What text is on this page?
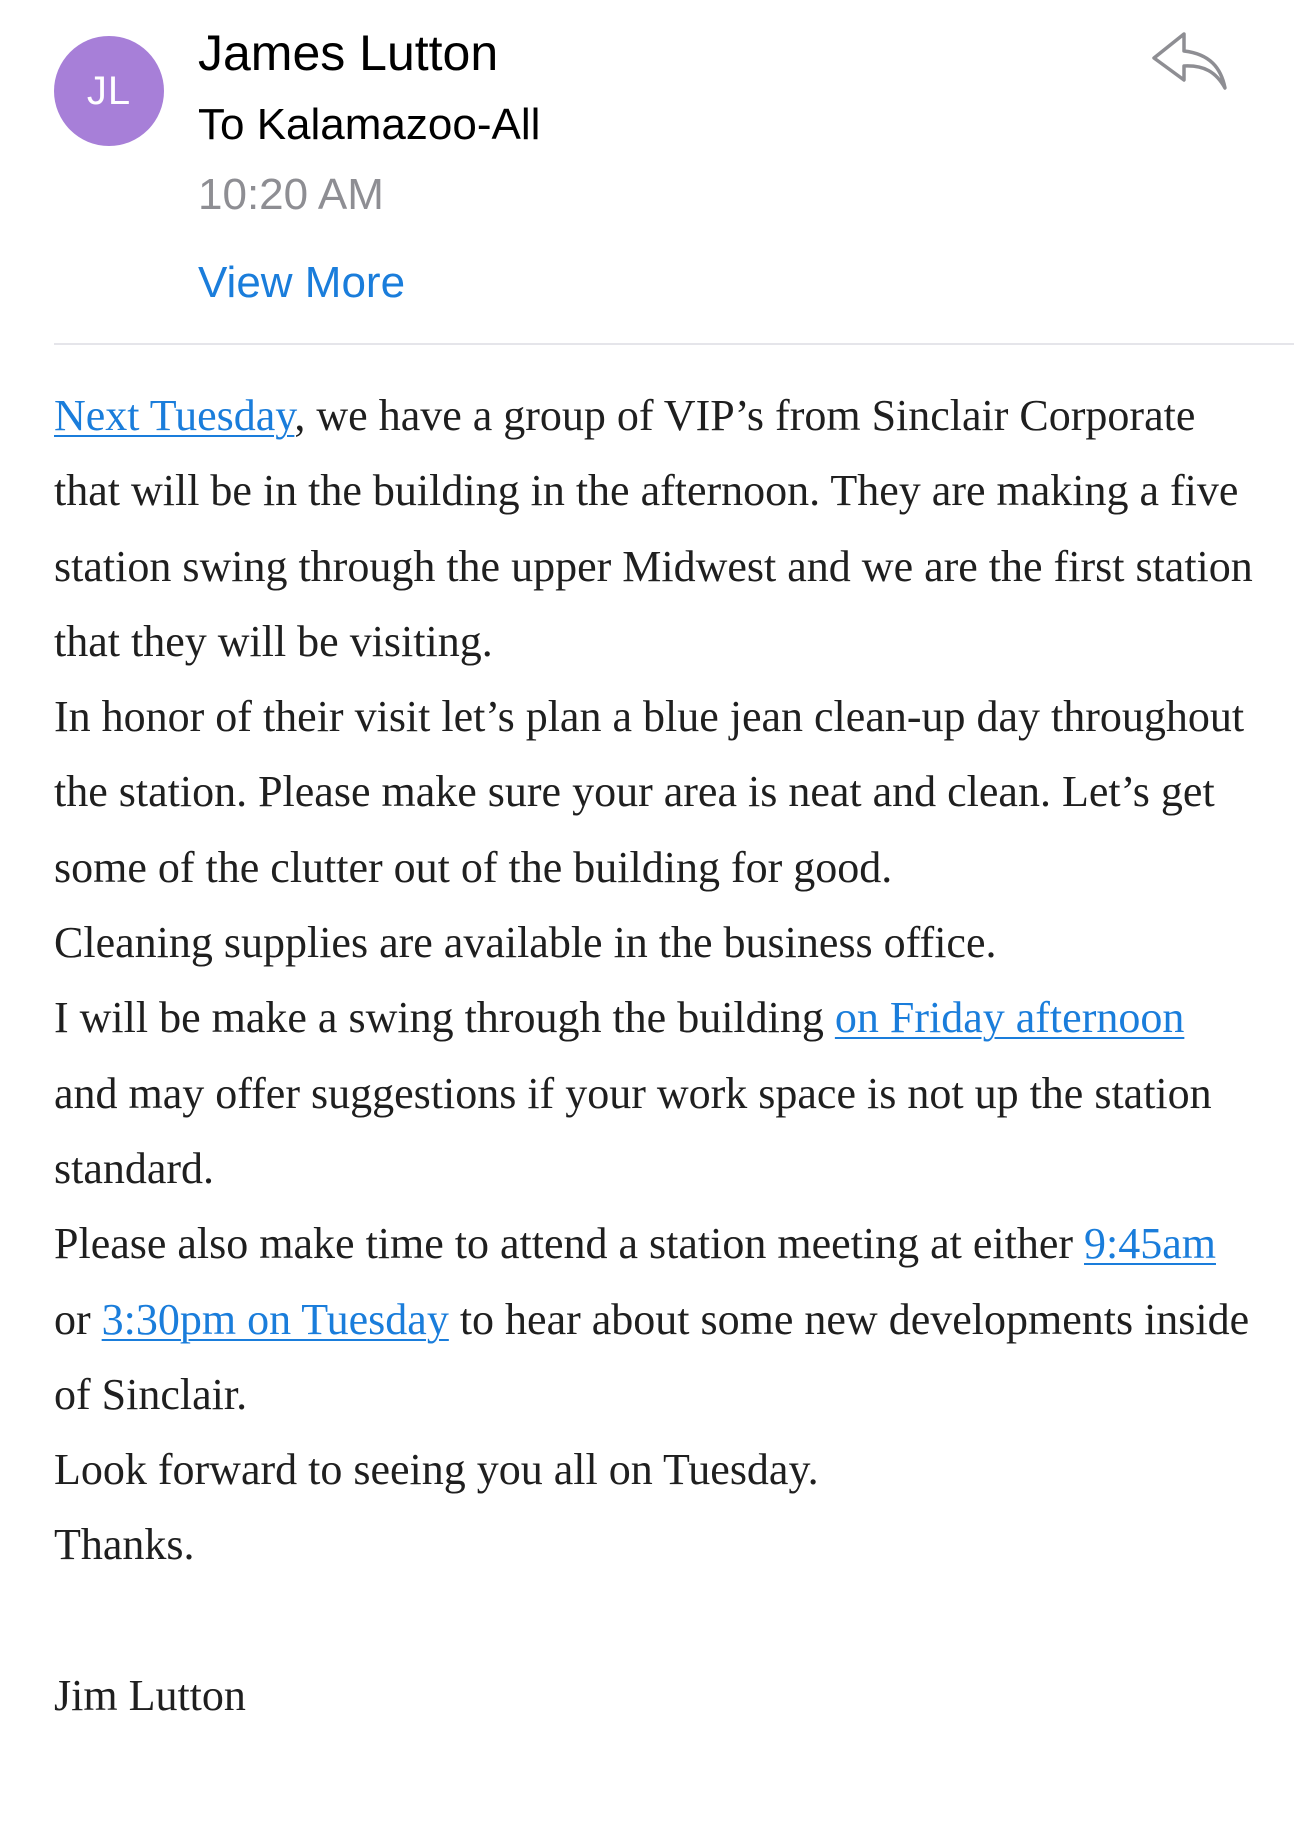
JL
James Lutton
To Kalamazoo-All
10:20 AM
View More

Next Tuesday, we have a group of VIP’s from Sinclair Corporate that will be in the building in the afternoon. They are making a five station swing through the upper Midwest and we are the first station that they will be visiting.

In honor of their visit let’s plan a blue jean clean-up day throughout the station. Please make sure your area is neat and clean. Let’s get some of the clutter out of the building for good.

Cleaning supplies are available in the business office.

I will be make a swing through the building on Friday afternoon and may offer suggestions if your work space is not up the station standard.

Please also make time to attend a station meeting at either 9:45am or 3:30pm on Tuesday to hear about some new developments inside of Sinclair.

Look forward to seeing you all on Tuesday.

Thanks.

Jim Lutton
